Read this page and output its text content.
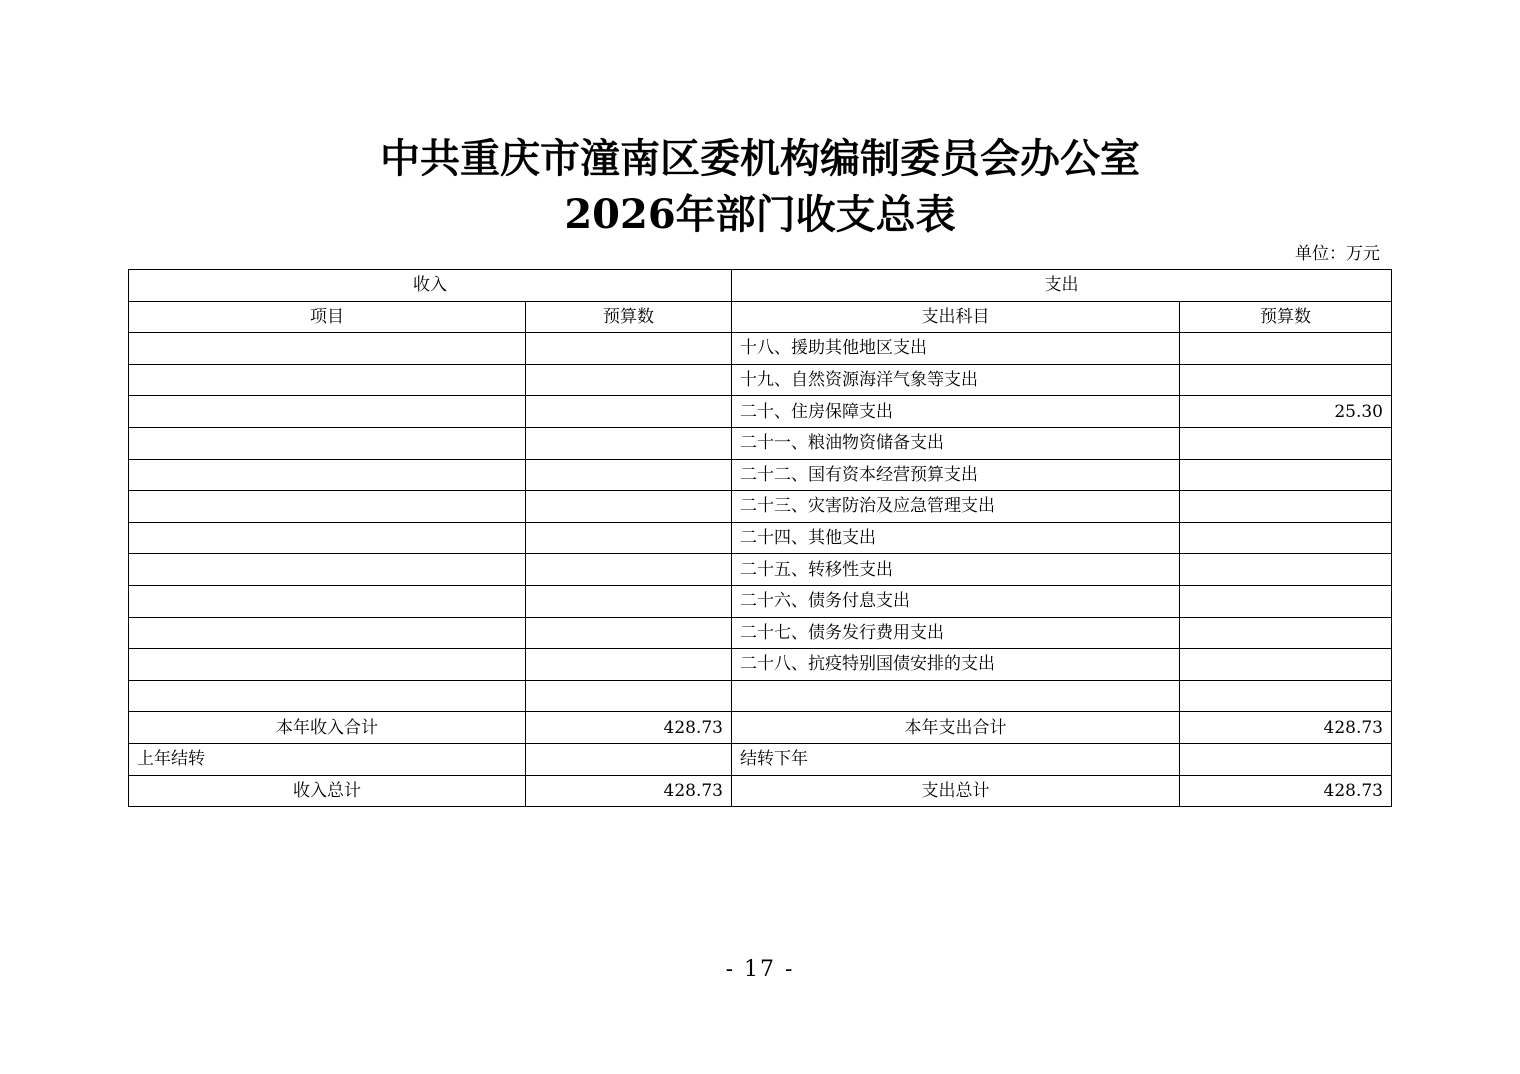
中共重庆市潼南区委机构编制委员会办公室
2026年部门收支总表
单位：万元
收入		支出	
项目	预算数	支出科目	预算数
		十八、援助其他地区支出	
		十九、自然资源海洋气象等支出	
		二十、住房保障支出	25.30
		二十一、粮油物资储备支出	
		二十二、国有资本经营预算支出	
		二十三、灾害防治及应急管理支出	
		二十四、其他支出	
		二十五、转移性支出	
		二十六、债务付息支出	
		二十七、债务发行费用支出	
		二十八、抗疫特别国债安排的支出	

本年收入合计	428.73	本年支出合计	428.73
上年结转		结转下年	
收入总计	428.73	支出总计	428.73
- 17 -
